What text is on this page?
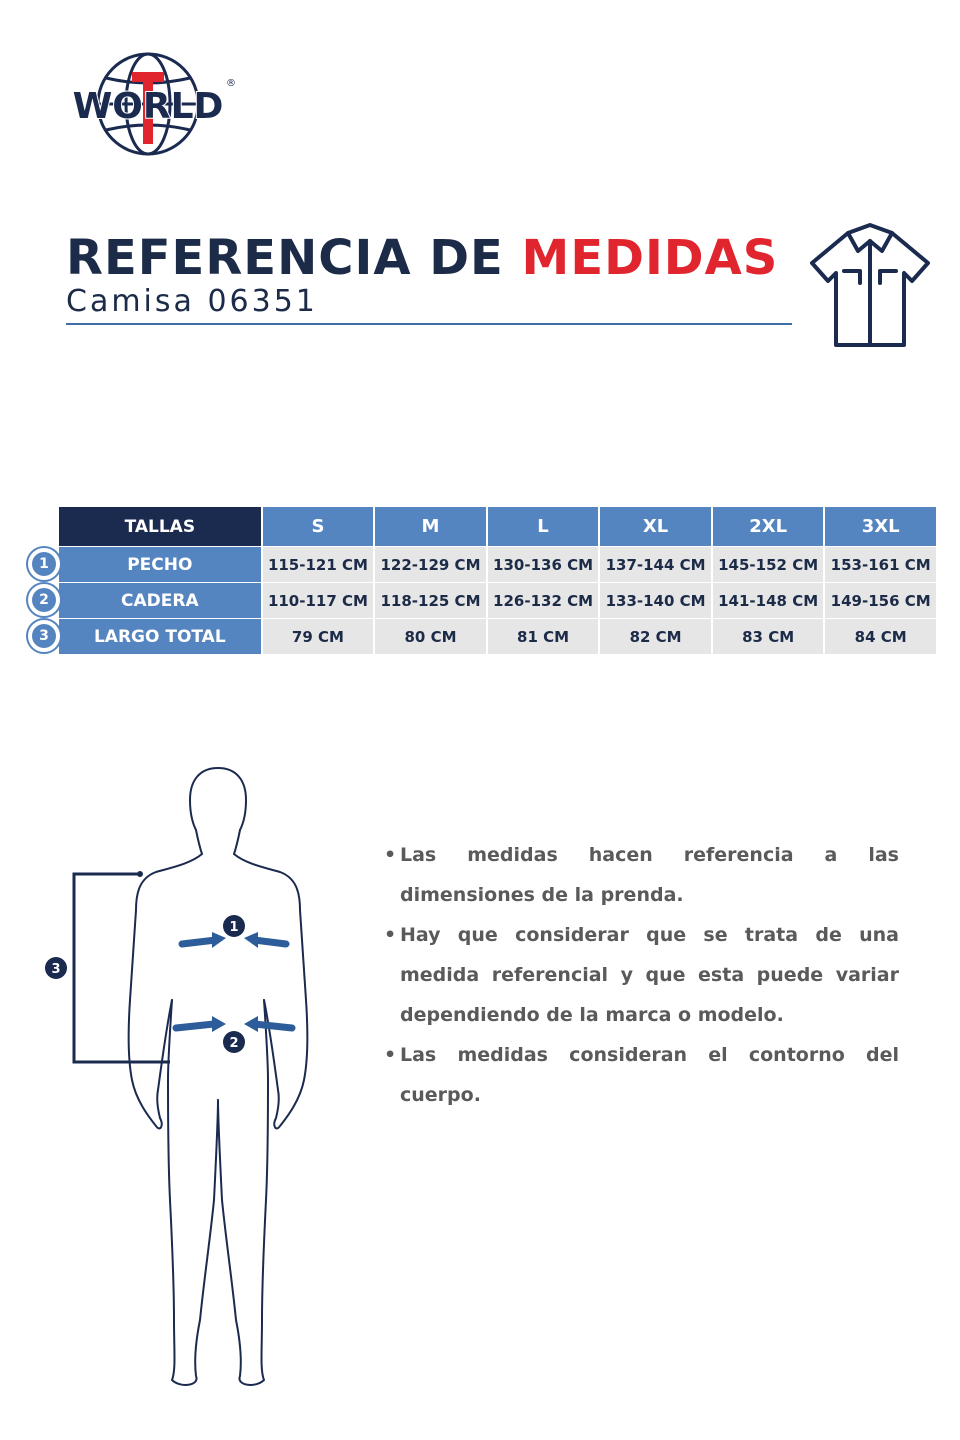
WORLD
®
REFERENCIA DE MEDIDAS
Camisa 06351
TALLAS	S	M	L	XL	2XL	3XL
1	PECHO	115-121 CM 122-129 CM 130-136 CM 137-144 CM 145-152 CM 153-161 CM
2	CADERA	110-117 CM 118-125 CM 126-132 CM 133-140 CM 141-148 CM 149-156 CM
3	LARGO TOTAL	79 CM	80 CM	81 CM	82 CM	83 CM	84 CM
1
2
3
• Las medidas hacen referencia a las dimensiones de la prenda.
• Hay que considerar que se trata de una medida referencial y que esta puede variar dependiendo de la marca o modelo.
• Las medidas consideran el contorno del cuerpo.
